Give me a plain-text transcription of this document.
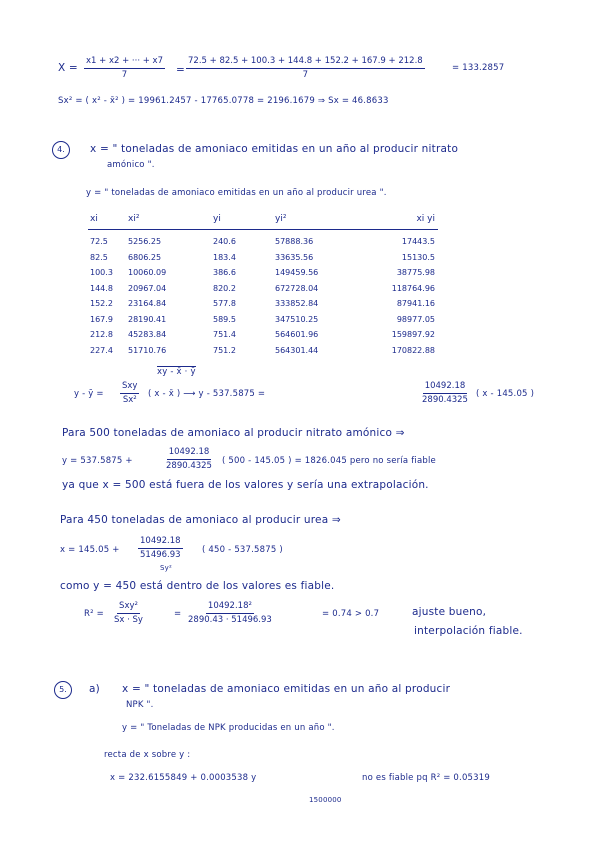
$X = \frac{x1 + x2 + \cdot\cdot\cdot + x7}{7} = \frac{72.5 + 82.5 + 100.3 + 144.8 + 152.2 + 167.9 + 212.8}{7}$	= 133.2857
Sx² = ( x² - x̄² ) = 19961.2457 - 17765.0778 = 2196.1679 ⇒ Sx = 46.8633
4.	x = " toneladas de amoniaco emitidas en un año al producir nitrato
amónico ".
y = " toneladas de amoniaco emitidas en un año al producir urea ".
xi	xi²	yi	yi²	xi yi
72.5	5256.25	240.6	57888.36	17443.5
82.5	6806.25	183.4	33635.56	15130.5
100.3	10060.09	386.6	149459.56	38775.98
144.8	20967.04	820.2	672728.04	118764.96
152.2	23164.84	577.8	333852.84	87941.16
167.9	28190.41	589.5	347510.25	98977.05
212.8	45283.84	751.4	564601.96	159897.92
227.4	51710.76	751.2	564301.44	170822.88
xy - x̄ · ȳ
y - ȳ =
Sxy
Sx²
( x - x̄ ) ⟶ y - 537.5875 =	$\frac{10492.18}{2890.4325}$ ( x - 145.05 )
Para 500 toneladas de amoniaco al producir nitrato amónico ⇒
y = 537.5875 +	$\frac{10492.18}{2890.4325}$ ( 500 - 145.05 ) = 1826.045 pero no sería fiable
ya que x = 500 está fuera de los valores y sería una extrapolación.
Para 450 toneladas de amoniaco al producir urea ⇒
$x = 145.05 + \frac{10492.18}{51496.93}$
Sy²
( 450 - 537.5875 )
como y = 450 está dentro de los valores es fiable.
R² =
Sxy²
Sx · Sy
= $\frac{\text{10492.18²}}{2890.43 \cdot 51496.93}$	= 0.74 > 0.7	ajuste bueno,
interpolación fiable.
5.	a) x = " toneladas de amoniaco emitidas en un año al producir
NPK ".
y = " Toneladas de NPK producidas en un año ".
recta de x sobre y :
x = 232.6155849 + 0.0003538 y
1500000
no es fiable pq R² = 0.05319
